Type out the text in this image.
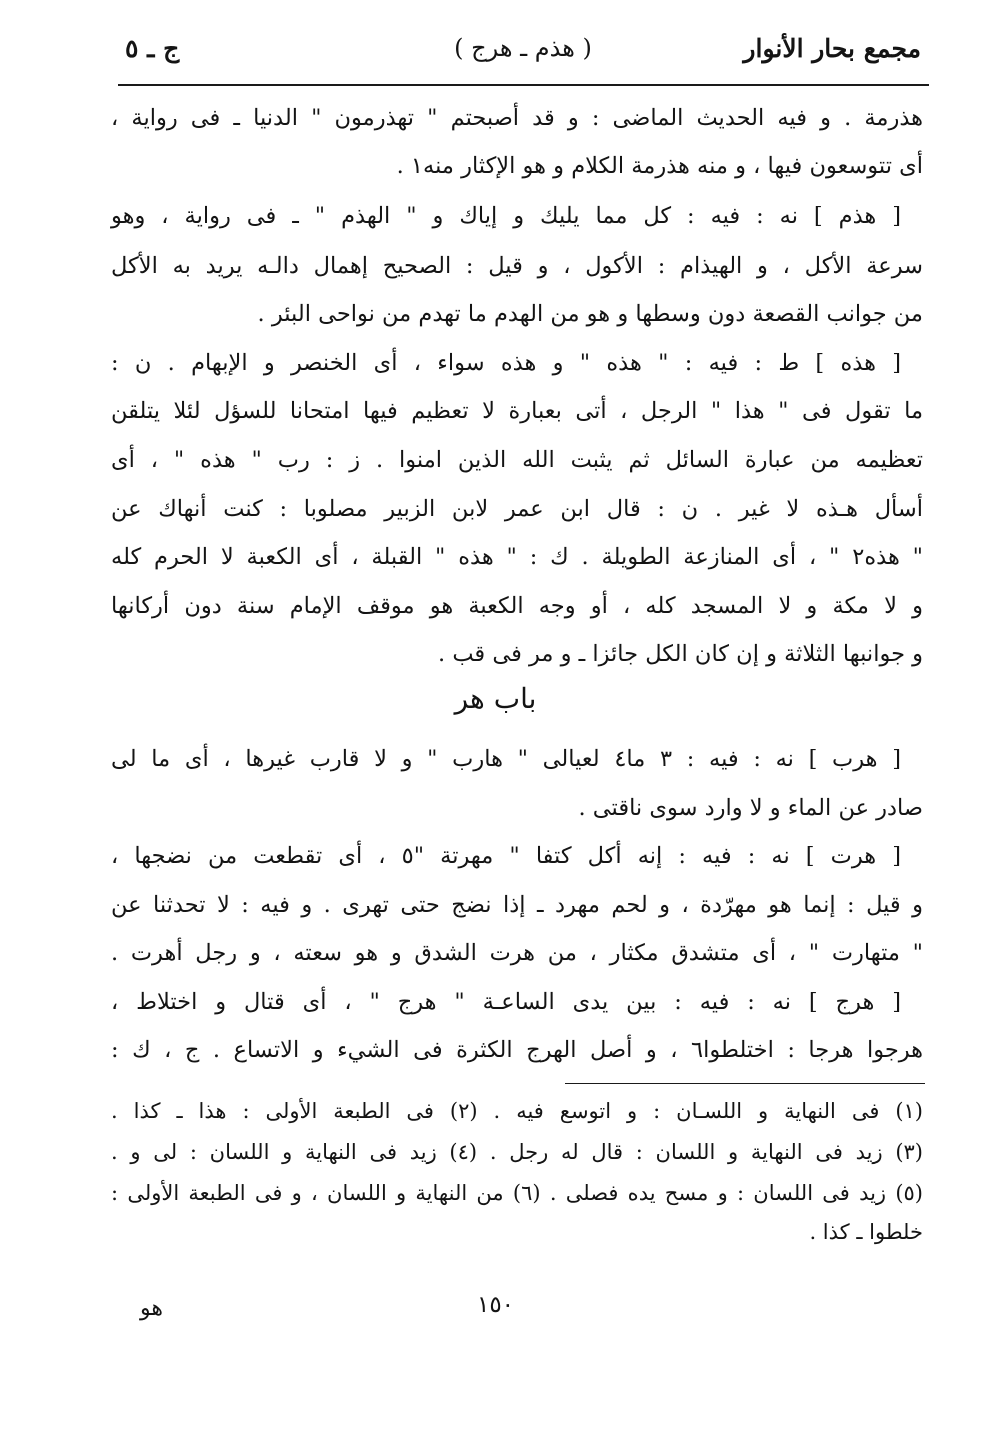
مجمع بحار الأنوار
( هذم ـ هرج )
ج ـ ٥
هذرمة . و فيه الحديث الماضى : و قد أصبحتم " تهذرمون " الدنيا ـ فى رواية ،
أى تتوسعون فيها ، و منه هذرمة الكلام و هو الإكثار منه١ .
[ هذم ] نه : فيه : كل مما يليك و إياك و " الهذم " ـ فى رواية ، وهو
سرعة الأكل ، و الهيذام : الأكول ، و قيل : الصحيح إهمال دالـه يريد به الأكل
من جوانب القصعة دون وسطها و هو من الهدم ما تهدم من نواحى البئر .
[ هذه ] ط : فيه : " هذه " و هذه سواء ، أى الخنصر و الإبهام . ن :
ما تقول فى " هذا " الرجل ، أتى بعبارة لا تعظيم فيها امتحانا للسؤل لئلا يتلقن
تعظيمه من عبارة السائل ثم يثبت الله الذين امنوا . ز : رب " هذه " ، أى
أسأل هـذه لا غير . ن : قال ابن عمر لابن الزبير مصلوبا : كنت أنهاك عن
" هذه٢ " ، أى المنازعة الطويلة . ك : " هذه " القبلة ، أى الكعبة لا الحرم كله
و لا مكة و لا المسجد كله ، أو وجه الكعبة هو موقف الإمام سنة دون أركانها
و جوانبها الثلاثة و إن كان الكل جائزا ـ و مر فى قب .
باب هر
[ هرب ] نه : فيه : ٣ ما٤ لعيالى " هارب " و لا قارب غيرها ، أى ما لى
صادر عن الماء و لا وارد سوى ناقتى .
[ هرت ] نه : فيه : إنه أكل كتفا " مهرتة "٥ ، أى تقطعت من نضجها ،
و قيل : إنما هو مهرّدة ، و لحم مهرد ـ إذا نضج حتى تهرى . و فيه : لا تحدثنا عن
" متهارت " ، أى متشدق مكثار ، من هرت الشدق و هو سعته ، و رجل أهرت .
[ هرج ] نه : فيه : بين يدى الساعـة " هرج " ، أى قتال و اختلاط ،
هرجوا هرجا : اختلطوا٦ ، و أصل الهرج الكثرة فى الشيء و الاتساع . ج ، ك :
(١) فى النهاية و اللسـان : و اتوسع فيه . (٢) فى الطبعة الأولى : هذا ـ كذا .
(٣) زيد فى النهاية و اللسان : قال له رجل . (٤) زيد فى النهاية و اللسان : لى و .
(٥) زيد فى اللسان : و مسح يده فصلى . (٦) من النهاية و اللسان ، و فى الطبعة الأولى :
خلطوا ـ كذا .
١٥٠
هو
